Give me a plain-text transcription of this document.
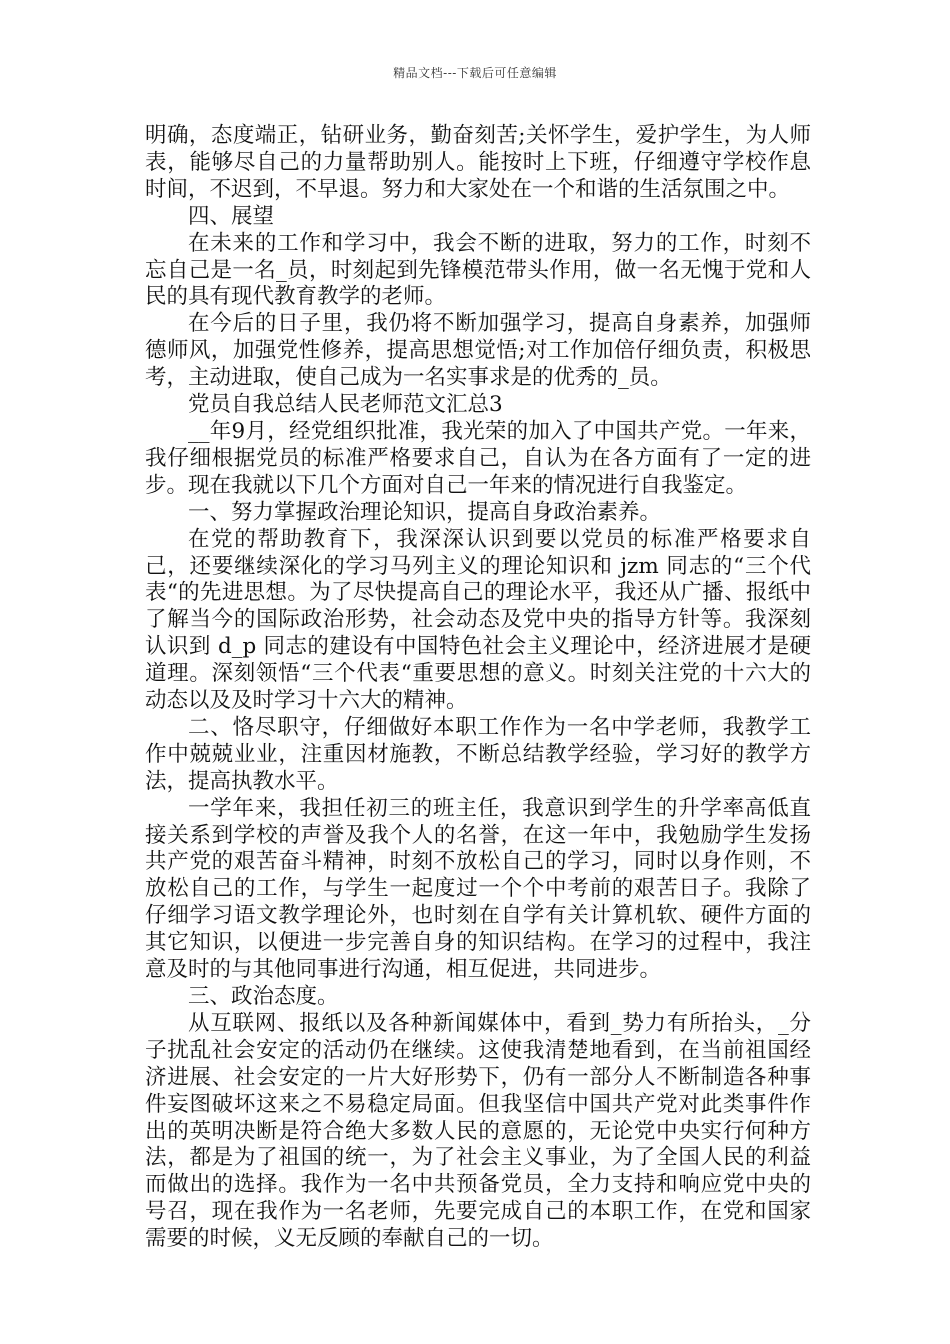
精品文档---下载后可任意编辑

明确，态度端正，钻研业务，勤奋刻苦;关怀学生，爱护学生，为人师表，能够尽自己的力量帮助别人。能按时上下班，仔细遵守学校作息时间，不迟到，不早退。努力和大家处在一个和谐的生活氛围之中。

四、展望

在未来的工作和学习中，我会不断的进取，努力的工作，时刻不忘自己是一名_员，时刻起到先锋模范带头作用，做一名无愧于党和人民的具有现代教育教学的老师。

在今后的日子里，我仍将不断加强学习，提高自身素养，加强师德师风，加强党性修养，提高思想觉悟;对工作加倍仔细负责，积极思考，主动进取，使自己成为一名实事求是的优秀的_员。

党员自我总结人民老师范文汇总3

__年9月，经党组织批准，我光荣的加入了中国共产党。一年来，我仔细根据党员的标准严格要求自己，自认为在各方面有了一定的进步。现在我就以下几个方面对自己一年来的情况进行自我鉴定。

一、努力掌握政治理论知识，提高自身政治素养。

在党的帮助教育下，我深深认识到要以党员的标准严格要求自己，还要继续深化的学习马列主义的理论知识和 jzm 同志的“三个代表“的先进思想。为了尽快提高自己的理论水平，我还从广播、报纸中了解当今的国际政治形势，社会动态及党中央的指导方针等。我深刻认识到 d_p 同志的建设有中国特色社会主义理论中，经济进展才是硬道理。深刻领悟“三个代表“重要思想的意义。时刻关注党的十六大的动态以及及时学习十六大的精神。

二、恪尽职守，仔细做好本职工作作为一名中学老师，我教学工作中兢兢业业，注重因材施教，不断总结教学经验，学习好的教学方法，提高执教水平。

一学年来，我担任初三的班主任，我意识到学生的升学率高低直接关系到学校的声誉及我个人的名誉，在这一年中，我勉励学生发扬共产党的艰苦奋斗精神，时刻不放松自己的学习，同时以身作则，不放松自己的工作，与学生一起度过一个个中考前的艰苦日子。我除了仔细学习语文教学理论外，也时刻在自学有关计算机软、硬件方面的其它知识，以便进一步完善自身的知识结构。在学习的过程中，我注意及时的与其他同事进行沟通，相互促进，共同进步。

三、政治态度。

从互联网、报纸以及各种新闻媒体中，看到_势力有所抬头，_分子扰乱社会安定的活动仍在继续。这使我清楚地看到，在当前祖国经济进展、社会安定的一片大好形势下，仍有一部分人不断制造各种事件妄图破坏这来之不易稳定局面。但我坚信中国共产党对此类事件作出的英明决断是符合绝大多数人民的意愿的，无论党中央实行何种方法，都是为了祖国的统一，为了社会主义事业，为了全国人民的利益而做出的选择。我作为一名中共预备党员，全力支持和响应党中央的号召，现在我作为一名老师，先要完成自己的本职工作，在党和国家需要的时候，义无反顾的奉献自己的一切。
